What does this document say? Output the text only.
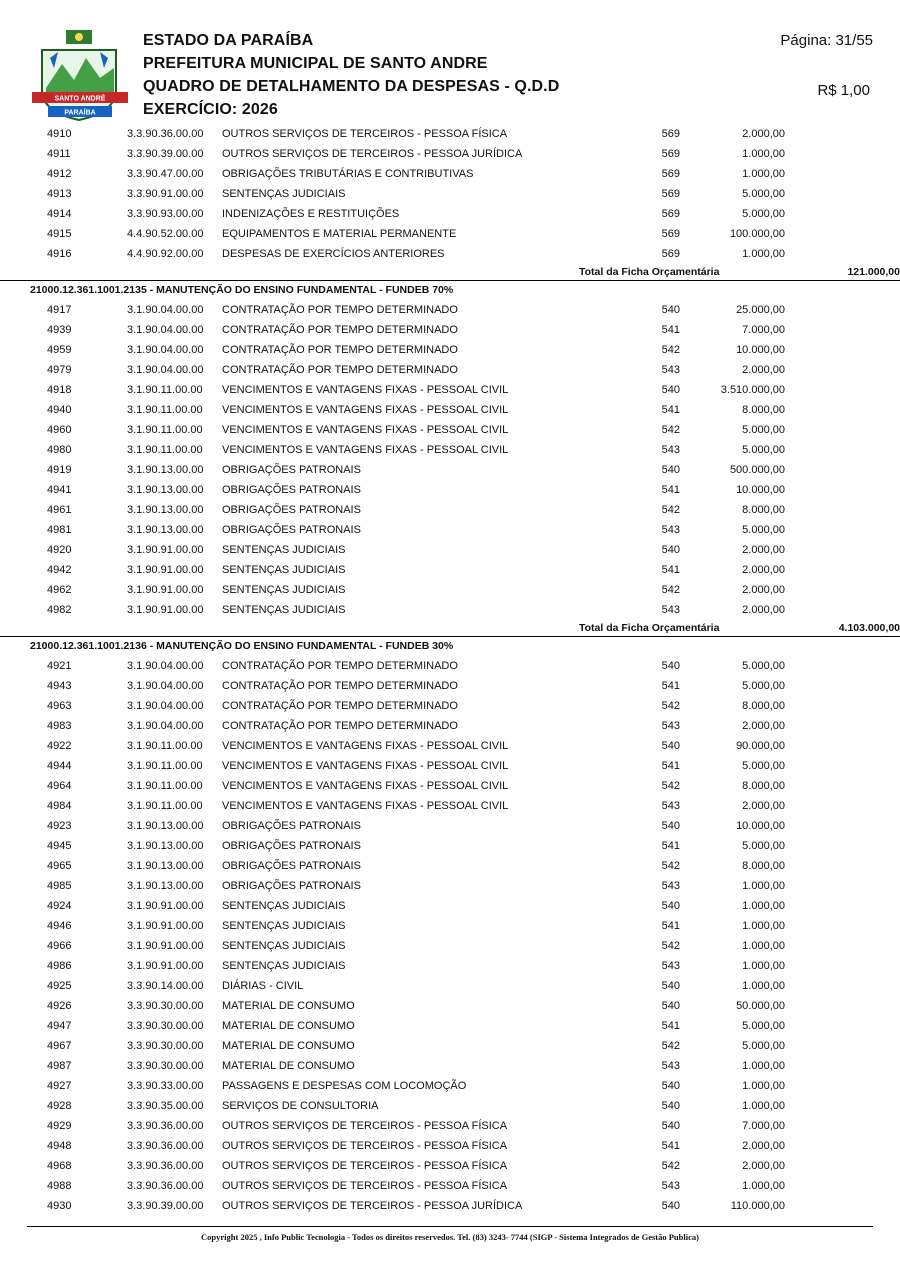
SANTO ANDRÉ
PARAÍBA
ESTADO DA PARAÍBA
PREFEITURA MUNICIPAL DE SANTO ANDRE
QUADRO DE DETALHAMENTO DA DESPESAS - Q.D.D
EXERCÍCIO: 2026
Página: 31/55
R$ 1,00
4910	3.3.90.36.00.00	OUTROS SERVIÇOS DE TERCEIROS - PESSOA FÍSICA	569	2.000,00	
4911	3.3.90.39.00.00	OUTROS SERVIÇOS DE TERCEIROS - PESSOA JURÍDICA	569	1.000,00	
4912	3.3.90.47.00.00	OBRIGAÇÕES TRIBUTÁRIAS E CONTRIBUTIVAS	569	1.000,00	
4913	3.3.90.91.00.00	SENTENÇAS JUDICIAIS	569	5.000,00	
4914	3.3.90.93.00.00	INDENIZAÇÕES E RESTITUIÇÕES	569	5.000,00	
4915	4.4.90.52.00.00	EQUIPAMENTOS E MATERIAL PERMANENTE	569	100.000,00	
4916	4.4.90.92.00.00	DESPESAS DE EXERCÍCIOS ANTERIORES	569	1.000,00	
			Total da Ficha Orçamentária		121.000,00
21000.12.361.1001.2135 - MANUTENÇÃO DO ENSINO FUNDAMENTAL - FUNDEB 70%					
4917	3.1.90.04.00.00	CONTRATAÇÃO POR TEMPO DETERMINADO	540	25.000,00	
4939	3.1.90.04.00.00	CONTRATAÇÃO POR TEMPO DETERMINADO	541	7.000,00	
4959	3.1.90.04.00.00	CONTRATAÇÃO POR TEMPO DETERMINADO	542	10.000,00	
4979	3.1.90.04.00.00	CONTRATAÇÃO POR TEMPO DETERMINADO	543	2.000,00	
4918	3.1.90.11.00.00	VENCIMENTOS E VANTAGENS FIXAS - PESSOAL CIVIL	540	3.510.000,00	
4940	3.1.90.11.00.00	VENCIMENTOS E VANTAGENS FIXAS - PESSOAL CIVIL	541	8.000,00	
4960	3.1.90.11.00.00	VENCIMENTOS E VANTAGENS FIXAS - PESSOAL CIVIL	542	5.000,00	
4980	3.1.90.11.00.00	VENCIMENTOS E VANTAGENS FIXAS - PESSOAL CIVIL	543	5.000,00	
4919	3.1.90.13.00.00	OBRIGAÇÕES PATRONAIS	540	500.000,00	
4941	3.1.90.13.00.00	OBRIGAÇÕES PATRONAIS	541	10.000,00	
4961	3.1.90.13.00.00	OBRIGAÇÕES PATRONAIS	542	8.000,00	
4981	3.1.90.13.00.00	OBRIGAÇÕES PATRONAIS	543	5.000,00	
4920	3.1.90.91.00.00	SENTENÇAS JUDICIAIS	540	2.000,00	
4942	3.1.90.91.00.00	SENTENÇAS JUDICIAIS	541	2.000,00	
4962	3.1.90.91.00.00	SENTENÇAS JUDICIAIS	542	2.000,00	
4982	3.1.90.91.00.00	SENTENÇAS JUDICIAIS	543	2.000,00	
			Total da Ficha Orçamentária		4.103.000,00
21000.12.361.1001.2136 - MANUTENÇÃO DO ENSINO FUNDAMENTAL - FUNDEB 30%					
4921	3.1.90.04.00.00	CONTRATAÇÃO POR TEMPO DETERMINADO	540	5.000,00	
4943	3.1.90.04.00.00	CONTRATAÇÃO POR TEMPO DETERMINADO	541	5.000,00	
4963	3.1.90.04.00.00	CONTRATAÇÃO POR TEMPO DETERMINADO	542	8.000,00	
4983	3.1.90.04.00.00	CONTRATAÇÃO POR TEMPO DETERMINADO	543	2.000,00	
4922	3.1.90.11.00.00	VENCIMENTOS E VANTAGENS FIXAS - PESSOAL CIVIL	540	90.000,00	
4944	3.1.90.11.00.00	VENCIMENTOS E VANTAGENS FIXAS - PESSOAL CIVIL	541	5.000,00	
4964	3.1.90.11.00.00	VENCIMENTOS E VANTAGENS FIXAS - PESSOAL CIVIL	542	8.000,00	
4984	3.1.90.11.00.00	VENCIMENTOS E VANTAGENS FIXAS - PESSOAL CIVIL	543	2.000,00	
4923	3.1.90.13.00.00	OBRIGAÇÕES PATRONAIS	540	10.000,00	
4945	3.1.90.13.00.00	OBRIGAÇÕES PATRONAIS	541	5.000,00	
4965	3.1.90.13.00.00	OBRIGAÇÕES PATRONAIS	542	8.000,00	
4985	3.1.90.13.00.00	OBRIGAÇÕES PATRONAIS	543	1.000,00	
4924	3.1.90.91.00.00	SENTENÇAS JUDICIAIS	540	1.000,00	
4946	3.1.90.91.00.00	SENTENÇAS JUDICIAIS	541	1.000,00	
4966	3.1.90.91.00.00	SENTENÇAS JUDICIAIS	542	1.000,00	
4986	3.1.90.91.00.00	SENTENÇAS JUDICIAIS	543	1.000,00	
4925	3.3.90.14.00.00	DIÁRIAS - CIVIL	540	1.000,00	
4926	3.3.90.30.00.00	MATERIAL DE CONSUMO	540	50.000,00	
4947	3.3.90.30.00.00	MATERIAL DE CONSUMO	541	5.000,00	
4967	3.3.90.30.00.00	MATERIAL DE CONSUMO	542	5.000,00	
4987	3.3.90.30.00.00	MATERIAL DE CONSUMO	543	1.000,00	
4927	3.3.90.33.00.00	PASSAGENS E DESPESAS COM LOCOMOÇÃO	540	1.000,00	
4928	3.3.90.35.00.00	SERVIÇOS DE CONSULTORIA	540	1.000,00	
4929	3.3.90.36.00.00	OUTROS SERVIÇOS DE TERCEIROS - PESSOA FÍSICA	540	7.000,00	
4948	3.3.90.36.00.00	OUTROS SERVIÇOS DE TERCEIROS - PESSOA FÍSICA	541	2.000,00	
4968	3.3.90.36.00.00	OUTROS SERVIÇOS DE TERCEIROS - PESSOA FÍSICA	542	2.000,00	
4988	3.3.90.36.00.00	OUTROS SERVIÇOS DE TERCEIROS - PESSOA FÍSICA	543	1.000,00	
4930	3.3.90.39.00.00	OUTROS SERVIÇOS DE TERCEIROS - PESSOA JURÍDICA	540	110.000,00	
Copyright 2025 , Info Public Tecnologia - Todos os direitos reservedos. Tel. (83) 3243- 7744 (SIGP - Sistema Integrados de Gestão Publica)
